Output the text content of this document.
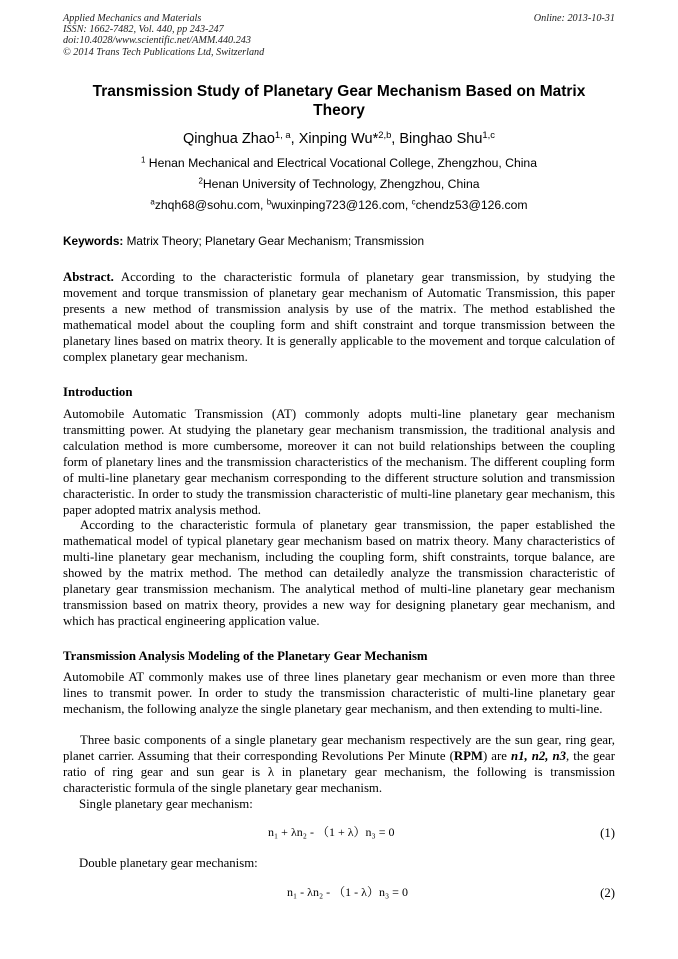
Applied Mechanics and Materials
ISSN: 1662-7482, Vol. 440, pp 243-247
doi:10.4028/www.scientific.net/AMM.440.243
© 2014 Trans Tech Publications Ltd, Switzerland
Online: 2013-10-31
Transmission Study of Planetary Gear Mechanism Based on Matrix Theory
Qinghua Zhao$^{1, a}$, Xinping Wu*$^{2,b}$, Binghao Shu$^{1,c}$
$^1$ Henan Mechanical and Electrical Vocational College, Zhengzhou, China
$^2$Henan University of Technology, Zhengzhou, China
$^a$zhqh68@sohu.com, $^b$wuxinping723@126.com, $^c$chendz53@126.com
Keywords: Matrix Theory; Planetary Gear Mechanism; Transmission
Abstract. According to the characteristic formula of planetary gear transmission, by studying the movement and torque transmission of planetary gear mechanism of Automatic Transmission, this paper presents a new method of transmission analysis by use of the matrix. The method established the mathematical model about the coupling form and shift constraint and torque transmission between the planetary lines based on matrix theory. It is generally applicable to the movement and torque calculation of complex planetary gear mechanism.
Introduction
Automobile Automatic Transmission (AT) commonly adopts multi-line planetary gear mechanism transmitting power. At studying the planetary gear mechanism transmission, the traditional analysis and calculation method is more cumbersome, moreover it can not build relationships between the coupling form of planetary lines and the transmission characteristics of the mechanism. The different coupling form of multi-line planetary gear mechanism corresponding to the different structure solution and transmission characteristic. In order to study the transmission characteristic of multi-line planetary gear mechanism, this paper adopted matrix analysis method.
According to the characteristic formula of planetary gear transmission, the paper established the mathematical model of typical planetary gear mechanism based on matrix theory. Many characteristics of multi-line planetary gear mechanism, including the coupling form, shift constraints, torque balance, are showed by the matrix method. The method can detailedly analyze the transmission characteristic of planetary gear transmission mechanism. The analytical method of multi-line planetary gear mechanism transmission based on matrix theory, provides a new way for designing planetary gear mechanism, and which has practical engineering application value.
Transmission Analysis Modeling of the Planetary Gear Mechanism
Automobile AT commonly makes use of three lines planetary gear mechanism or even more than three lines to transmit power. In order to study the transmission characteristic of multi-line planetary gear mechanism, the following analyze the single planetary gear mechanism, and then extending to multi-line.
Three basic components of a single planetary gear mechanism respectively are the sun gear, ring gear, planet carrier. Assuming that their corresponding Revolutions Per Minute (RPM) are n1, n2, n3, the gear ratio of ring gear and sun gear is λ in planetary gear mechanism, the following is transmission characteristic formula of the single planetary gear mechanism.
Single planetary gear mechanism:
n₁ + λn₂ - （1 + λ）n₃ = 0	(1)
Double planetary gear mechanism:
n₁ - λn₂ - （1 - λ）n₃ = 0	(2)
